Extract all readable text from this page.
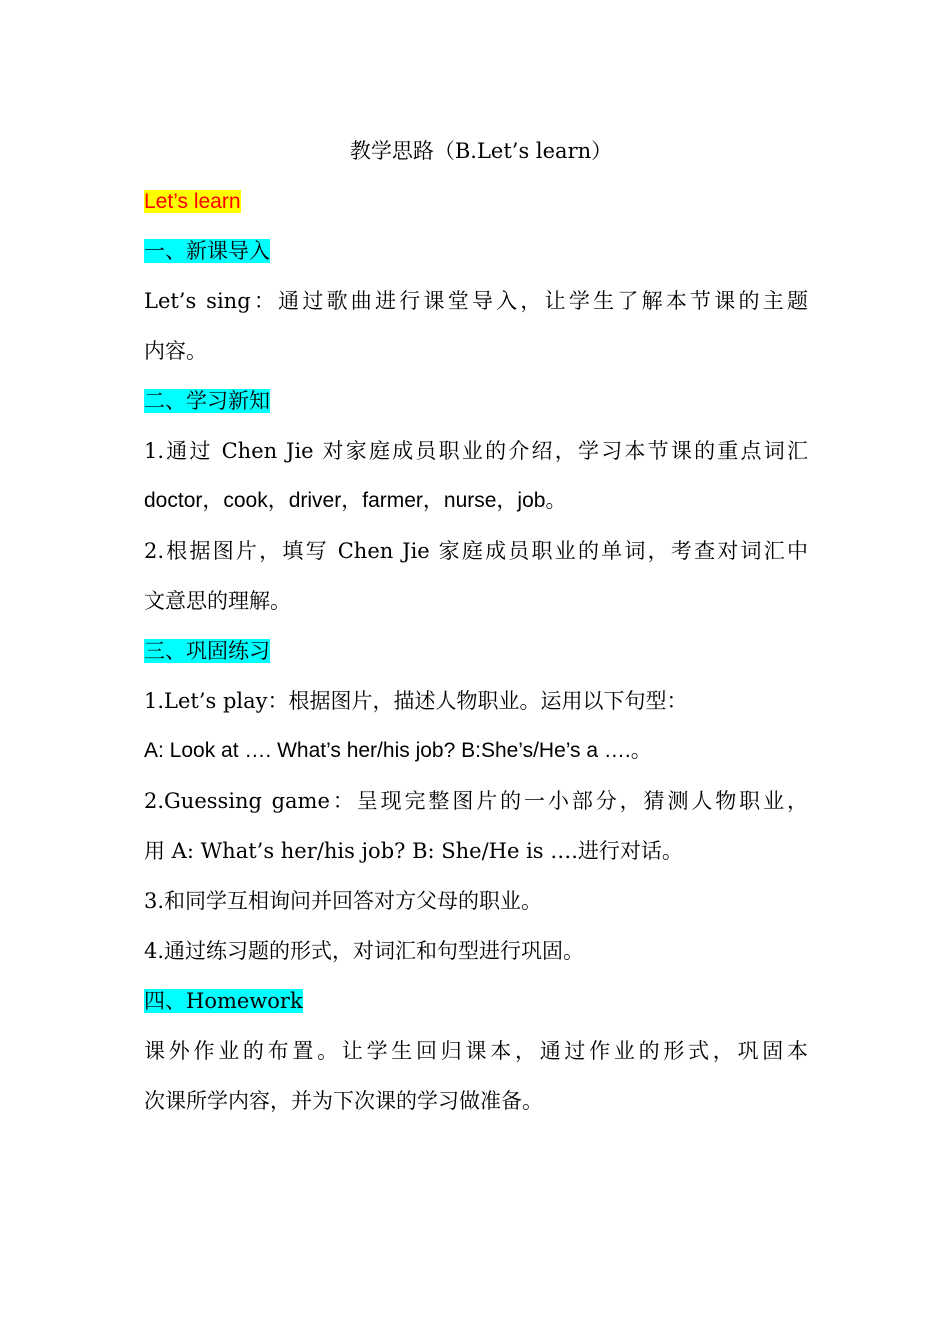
教学思路（B.Let’s learn）
Let’s learn
一、新课导入
Let’s sing：通过歌曲进行课堂导入，让学生了解本节课的主题
内容。
二、学习新知
1.通过 Chen Jie 对家庭成员职业的介绍，学习本节课的重点词汇
doctor，cook，driver，farmer，nurse，job。
2.根据图片，填写 Chen Jie 家庭成员职业的单词，考查对词汇中
文意思的理解。
三、巩固练习
1.Let’s play：根据图片，描述人物职业。运用以下句型：
A: Look at …. What’s her/his job? B:She’s/He’s a ….。
2.Guessing game：呈现完整图片的一小部分，猜测人物职业，
用 A: What’s her/his job? B: She/He is ….进行对话。
3.和同学互相询问并回答对方父母的职业。
4.通过练习题的形式，对词汇和句型进行巩固。
四、Homework
课外作业的布置。让学生回归课本，通过作业的形式，巩固本
次课所学内容，并为下次课的学习做准备。
